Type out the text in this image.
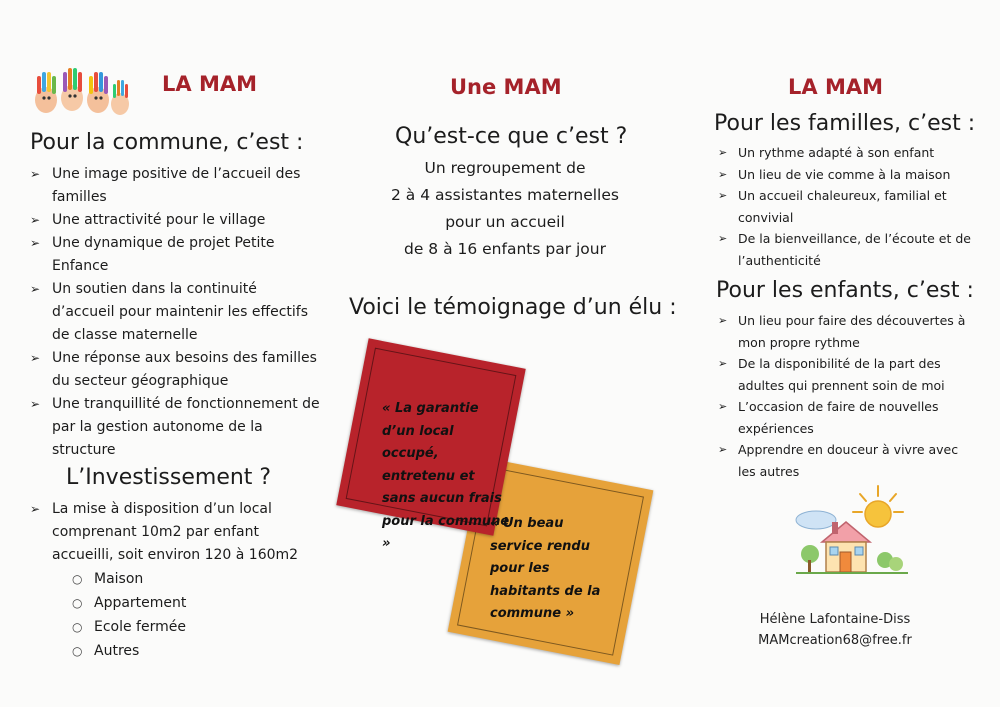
LA MAM
Pour la commune, c’est :
➢ Une image positive de l’accueil des familles
➢ Une attractivité pour le village
➢ Une dynamique de projet Petite Enfance
➢ Un soutien dans la continuité d’accueil pour maintenir les effectifs de classe maternelle
➢ Une réponse aux besoins des familles du secteur géographique
➢ Une tranquillité de fonctionnement de par la gestion autonome de la structure
L’Investissement ?
➢ La mise à disposition d’un local comprenant 10m2 par enfant accueilli, soit environ 120 à 160m2
○ Maison
○ Appartement
○ Ecole fermée
○ Autres
Une MAM
Qu’est-ce que c’est ?
Un regroupement de
2 à 4 assistantes maternelles
pour un accueil
de 8 à 16 enfants par jour
Voici le témoignage d’un élu :
« La garantie d’un local occupé, entretenu et sans aucun frais pour la commune »
« Un beau service rendu pour les habitants de la commune »
LA MAM
Pour les familles, c’est :
➢ Un rythme adapté à son enfant
➢ Un lieu de vie comme à la maison
➢ Un accueil chaleureux, familial et convivial
➢ De la bienveillance, de l’écoute et de l’authenticité
Pour les enfants, c’est :
➢ Un lieu pour faire des découvertes à mon propre rythme
➢ De la disponibilité de la part des adultes qui prennent soin de moi
➢ L’occasion de faire de nouvelles expériences
➢ Apprendre en douceur à vivre avec les autres
Hélène Lafontaine-Diss
MAMcreation68@free.fr
